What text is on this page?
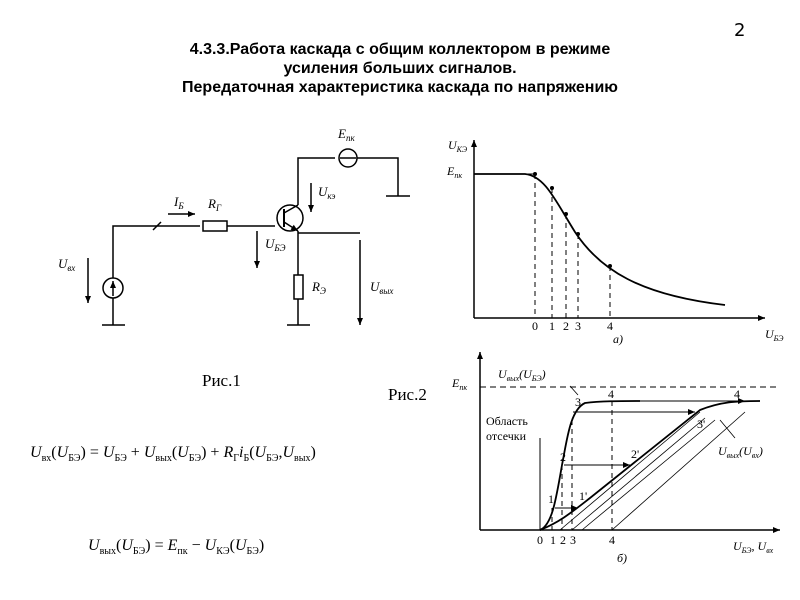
2
4.3.3.Работа каскада с общим коллектором в режиме
усиления больших сигналов.
Передаточная характеристика каскада по напряжению
$E_{пк}$
$I_Б$ $R_Г$
$U_{кэ}$
$U_{БЭ}$
$U_{вх}$
$R_Э$	$U_{вых}$
$U_{КЭ}$
$E_{пк}$
0 1 2 3 4
а)	$U_{БЭ}$
$E_{пк}$
$U_{вых}(U_{БЭ})$
$U_{вых}(U_{вх})$
Область
отсечки
1
2
3
4
1'
2'
3'
4
0 1 2 3	4
б)
$U_{БЭ}$, $U_{вх}$
Рис.1
Рис.2
$U_{вх}(U_{БЭ}) = U_{БЭ} + U_{вых}(U_{БЭ}) + R_Гi_Б(U_{БЭ},U_{вых})$
$U_{вых}(U_{БЭ}) = E_{пк} - U_{КЭ}(U_{БЭ})$
